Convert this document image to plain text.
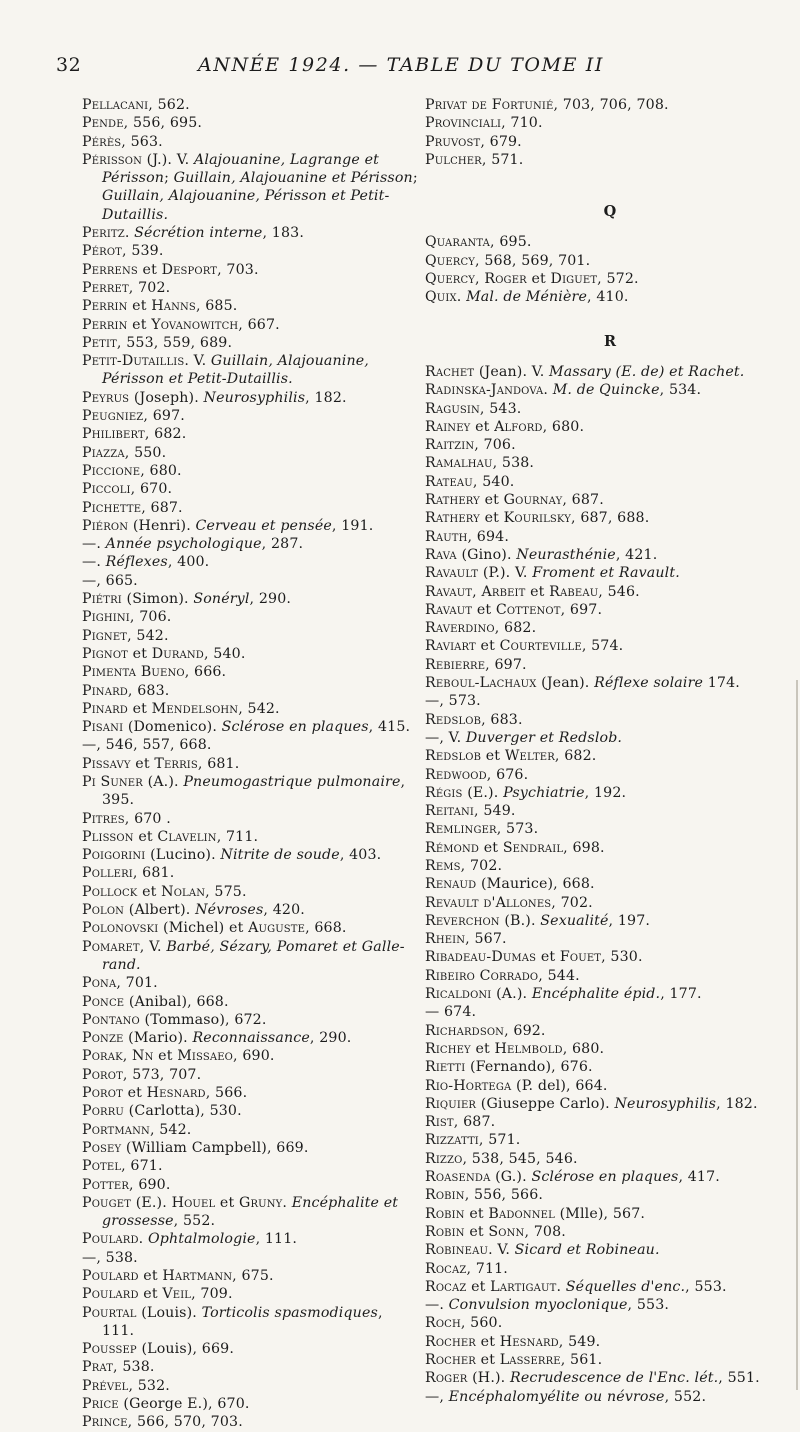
32	ANNÉE 1924. — TABLE DU TOME II
Pellacani, 562.
Pende, 556, 695.
Pérès, 563.
Périsson (J.). V. Alajouanine, Lagrange et Périsson; Guillain, Alajouanine et Périsson; Guillain, Alajouanine, Périsson et Petit-Dutaillis.
Peritz. Sécrétion interne, 183.
Pérot, 539.
Perrens et Desport, 703.
Perret, 702.
Perrin et Hanns, 685.
Perrin et Yovanowitch, 667.
Petit, 553, 559, 689.
Petit-Dutaillis. V. Guillain, Alajouanine, Périsson et Petit-Dutaillis.
Peyrus (Joseph). Neurosyphilis, 182.
Peugniez, 697.
Philibert, 682.
Piazza, 550.
Piccione, 680.
Piccoli, 670.
Pichette, 687.
Piéron (Henri). Cerveau et pensée, 191.
—. Année psychologique, 287.
—. Réflexes, 400.
—, 665.
Piétri (Simon). Sonéryl, 290.
Pighini, 706.
Pignet, 542.
Pignot et Durand, 540.
Pimenta Bueno, 666.
Pinard, 683.
Pinard et Mendelsohn, 542.
Pisani (Domenico). Sclérose en plaques, 415.
—, 546, 557, 668.
Pissavy et Terris, 681.
Pi Suner (A.). Pneumogastrique pulmonaire, 395.
Pitres, 670 .
Plisson et Clavelin, 711.
Poigorini (Lucino). Nitrite de soude, 403.
Polleri, 681.
Pollock et Nolan, 575.
Polon (Albert). Névroses, 420.
Polonovski (Michel) et Auguste, 668.
Pomaret, V. Barbé, Sézary, Pomaret et Galle-rand.
Pona, 701.
Ponce (Anibal), 668.
Pontano (Tommaso), 672.
Ponze (Mario). Reconnaissance, 290.
Porak, Nn et Missaeo, 690.
Porot, 573, 707.
Porot et Hesnard, 566.
Porru (Carlotta), 530.
Portmann, 542.
Posey (William Campbell), 669.
Potel, 671.
Potter, 690.
Pouget (E.). Houel et Gruny. Encéphalite et grossesse, 552.
Poulard. Ophtalmologie, 111.
—, 538.
Poulard et Hartmann, 675.
Poulard et Veil, 709.
Pourtal (Louis). Torticolis spasmodiques, 111.
Poussep (Louis), 669.
Prat, 538.
Prével, 532.
Price (George E.), 670.
Prince, 566, 570, 703.
Privat de Fortunié, 703, 706, 708.
Provinciali, 710.
Pruvost, 679.
Pulcher, 571.
Q
Quaranta, 695.
Quercy, 568, 569, 701.
Quercy, Roger et Diguet, 572.
Quix. Mal. de Ménière, 410.
R
Rachet (Jean). V. Massary (E. de) et Rachet.
Radinska-Jandova. M. de Quincke, 534.
Ragusin, 543.
Rainey et Alford, 680.
Raitzin, 706.
Ramalhau, 538.
Rateau, 540.
Rathery et Gournay, 687.
Rathery et Kourilsky, 687, 688.
Rauth, 694.
Rava (Gino). Neurasthénie, 421.
Ravault (P.). V. Froment et Ravault.
Ravaut, Arbeit et Rabeau, 546.
Ravaut et Cottenot, 697.
Raverdino, 682.
Raviart et Courteville, 574.
Rebierre, 697.
Reboul-Lachaux (Jean). Réflexe solaire 174.
—, 573.
Redslob, 683.
—, V. Duverger et Redslob.
Redslob et Welter, 682.
Redwood, 676.
Régis (E.). Psychiatrie, 192.
Reitani, 549.
Remlinger, 573.
Rémond et Sendrail, 698.
Rems, 702.
Renaud (Maurice), 668.
Revault d'Allones, 702.
Reverchon (B.). Sexualité, 197.
Rhein, 567.
Ribadeau-Dumas et Fouet, 530.
Ribeiro Corrado, 544.
Ricaldoni (A.). Encéphalite épid., 177.
— 674.
Richardson, 692.
Richey et Helmbold, 680.
Rietti (Fernando), 676.
Rio-Hortega (P. del), 664.
Riquier (Giuseppe Carlo). Neurosyphilis, 182.
Rist, 687.
Rizzatti, 571.
Rizzo, 538, 545, 546.
Roasenda (G.). Sclérose en plaques, 417.
Robin, 556, 566.
Robin et Badonnel (Mlle), 567.
Robin et Sonn, 708.
Robineau. V. Sicard et Robineau.
Rocaz, 711.
Rocaz et Lartigaut. Séquelles d'enc., 553.
—. Convulsion myoclonique, 553.
Roch, 560.
Rocher et Hesnard, 549.
Rocher et Lasserre, 561.
Roger (H.). Recrudescence de l'Enc. lét., 551.
—, Encéphalomyélite ou névrose, 552.
